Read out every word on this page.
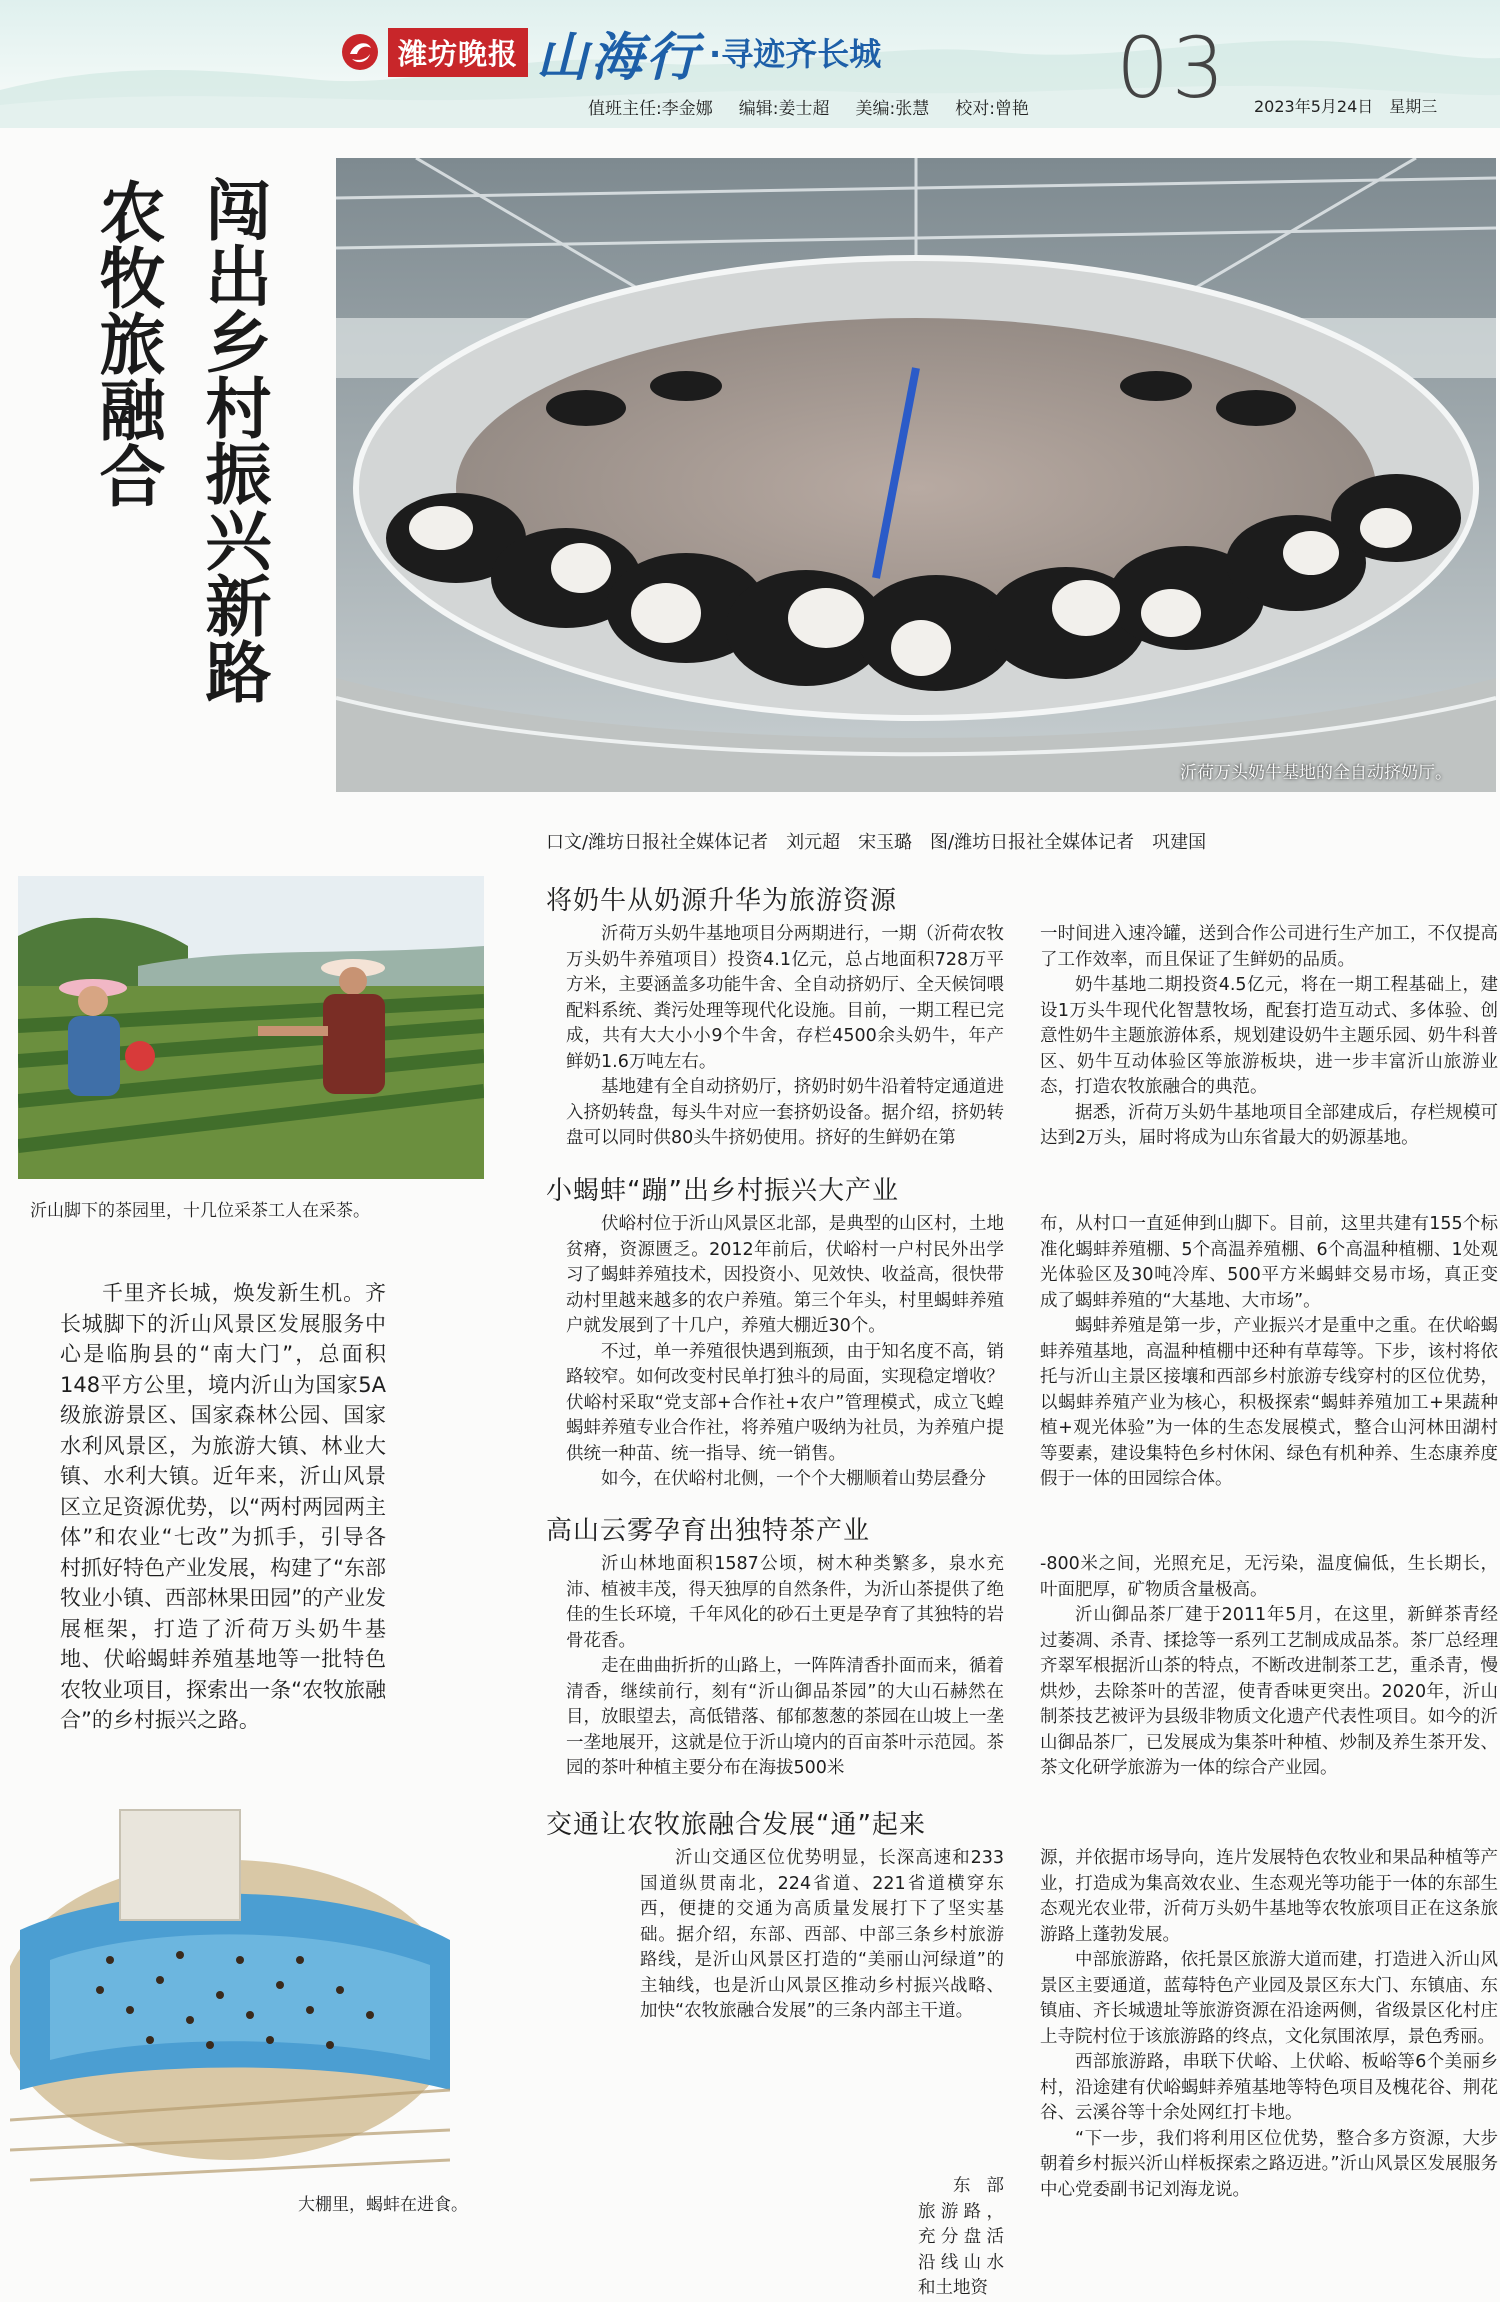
潍坊晚报 山海行 ·寻迹齐长城
值班主任:李金娜 编辑:姜士超 美编:张慧 校对:曾艳 03 2023年5月24日 星期三
闯出乡村振兴新路
农牧旅融合
沂荷万头奶牛基地的全自动挤奶厅。
沂山脚下的茶园里，十几位采茶工人在采茶。

千里齐长城，焕发新生机。齐长城脚下的沂山风景区发展服务中心是临朐县的“南大门”，总面积148平方公里，境内沂山为国家5A级旅游景区、国家森林公园、国家水利风景区，为旅游大镇、林业大镇、水利大镇。近年来，沂山风景区立足资源优势，以“两村两园两主体”和农业“七改”为抓手，引导各村抓好特色产业发展，构建了“东部牧业小镇、西部林果田园”的产业发展框架，打造了沂荷万头奶牛基地、伏峪蝎蚌养殖基地等一批特色农牧业项目，探索出一条“农牧旅融合”的乡村振兴之路。

大棚里，蝎蚌在进食。
口文/潍坊日报社全媒体记者　刘元超　宋玉璐　图/潍坊日报社全媒体记者　巩建国
将奶牛从奶源升华为旅游资源

沂荷万头奶牛基地项目分两期进行，一期（沂荷农牧万头奶牛养殖项目）投资4.1亿元，总占地面积728万平方米，主要涵盖多功能牛舍、全自动挤奶厅、全天候饲喂配料系统、粪污处理等现代化设施。目前，一期工程已完成，共有大大小小9个牛舍，存栏4500余头奶牛，年产鲜奶1.6万吨左右。

基地建有全自动挤奶厅，挤奶时奶牛沿着特定通道进入挤奶转盘，每头牛对应一套挤奶设备。据介绍，挤奶转盘可以同时供80头牛挤奶使用。挤好的生鲜奶在第

一时间进入速冷罐，送到合作公司进行生产加工，不仅提高了工作效率，而且保证了生鲜奶的品质。

奶牛基地二期投资4.5亿元，将在一期工程基础上，建设1万头牛现代化智慧牧场，配套打造互动式、多体验、创意性奶牛主题旅游体系，规划建设奶牛主题乐园、奶牛科普区、奶牛互动体验区等旅游板块，进一步丰富沂山旅游业态，打造农牧旅融合的典范。

据悉，沂荷万头奶牛基地项目全部建成后，存栏规模可达到2万头，届时将成为山东省最大的奶源基地。

小蝎蚌“蹦”出乡村振兴大产业

伏峪村位于沂山风景区北部，是典型的山区村，土地贫瘠，资源匮乏。2012年前后，伏峪村一户村民外出学习了蝎蚌养殖技术，因投资小、见效快、收益高，很快带动村里越来越多的农户养殖。第三个年头，村里蝎蚌养殖户就发展到了十几户，养殖大棚近30个。

不过，单一养殖很快遇到瓶颈，由于知名度不高，销路较窄。如何改变村民单打独斗的局面，实现稳定增收？伏峪村采取“党支部+合作社+农户”管理模式，成立飞蝗蝎蚌养殖专业合作社，将养殖户吸纳为社员，为养殖户提供统一种苗、统一指导、统一销售。

如今，在伏峪村北侧，一个个大棚顺着山势层叠分

布，从村口一直延伸到山脚下。目前，这里共建有155个标准化蝎蚌养殖棚、5个高温养殖棚、6个高温种植棚、1处观光体验区及30吨冷库、500平方米蝎蚌交易市场，真正变成了蝎蚌养殖的“大基地、大市场”。

蝎蚌养殖是第一步，产业振兴才是重中之重。在伏峪蝎蚌养殖基地，高温种植棚中还种有草莓等。下步，该村将依托与沂山主景区接壤和西部乡村旅游专线穿村的区位优势，以蝎蚌养殖产业为核心，积极探索“蝎蚌养殖加工+果蔬种植+观光体验”为一体的生态发展模式，整合山河林田湖村等要素，建设集特色乡村休闲、绿色有机种养、生态康养度假于一体的田园综合体。

高山云雾孕育出独特茶产业

沂山林地面积1587公顷，树木种类繁多，泉水充沛、植被丰茂，得天独厚的自然条件，为沂山茶提供了绝佳的生长环境，千年风化的砂石土更是孕育了其独特的岩骨花香。

走在曲曲折折的山路上，一阵阵清香扑面而来，循着清香，继续前行，刻有“沂山御品茶园”的大山石赫然在目，放眼望去，高低错落、郁郁葱葱的茶园在山坡上一垄一垄地展开，这就是位于沂山境内的百亩茶叶示范园。茶园的茶叶种植主要分布在海拔500米

-800米之间，光照充足，无污染，温度偏低，生长期长，叶面肥厚，矿物质含量极高。

沂山御品茶厂建于2011年5月，在这里，新鲜茶青经过萎凋、杀青、揉捻等一系列工艺制成成品茶。茶厂总经理齐翠军根据沂山茶的特点，不断改进制茶工艺，重杀青，慢烘炒，去除茶叶的苦涩，使青香味更突出。2020年，沂山制茶技艺被评为县级非物质文化遗产代表性项目。如今的沂山御品茶厂，已发展成为集茶叶种植、炒制及养生茶开发、茶文化研学旅游为一体的综合产业园。

交通让农牧旅融合发展“通”起来

沂山交通区位优势明显，长深高速和233国道纵贯南北，224省道、221省道横穿东西，便捷的交通为高质量发展打下了坚实基础。据介绍，东部、西部、中部三条乡村旅游路线，是沂山风景区打造的“美丽山河绿道”的主轴线，也是沂山风景区推动乡村振兴战略、加快“农牧旅融合发展”的三条内部主干道。

东部旅游路，充分盘活沿线山水和土地资

源，并依据市场导向，连片发展特色农牧业和果品种植等产业，打造成为集高效农业、生态观光等功能于一体的东部生态观光农业带，沂荷万头奶牛基地等农牧旅项目正在这条旅游路上蓬勃发展。

中部旅游路，依托景区旅游大道而建，打造进入沂山风景区主要通道，蓝莓特色产业园及景区东大门、东镇庙、东镇庙、齐长城遗址等旅游资源在沿途两侧，省级景区化村庄上寺院村位于该旅游路的终点，文化氛围浓厚，景色秀丽。

西部旅游路，串联下伏峪、上伏峪、板峪等6个美丽乡村，沿途建有伏峪蝎蚌养殖基地等特色项目及槐花谷、荆花谷、云溪谷等十余处网红打卡地。

“下一步，我们将利用区位优势，整合多方资源，大步朝着乡村振兴沂山样板探索之路迈进。”沂山风景区发展服务中心党委副书记刘海龙说。
